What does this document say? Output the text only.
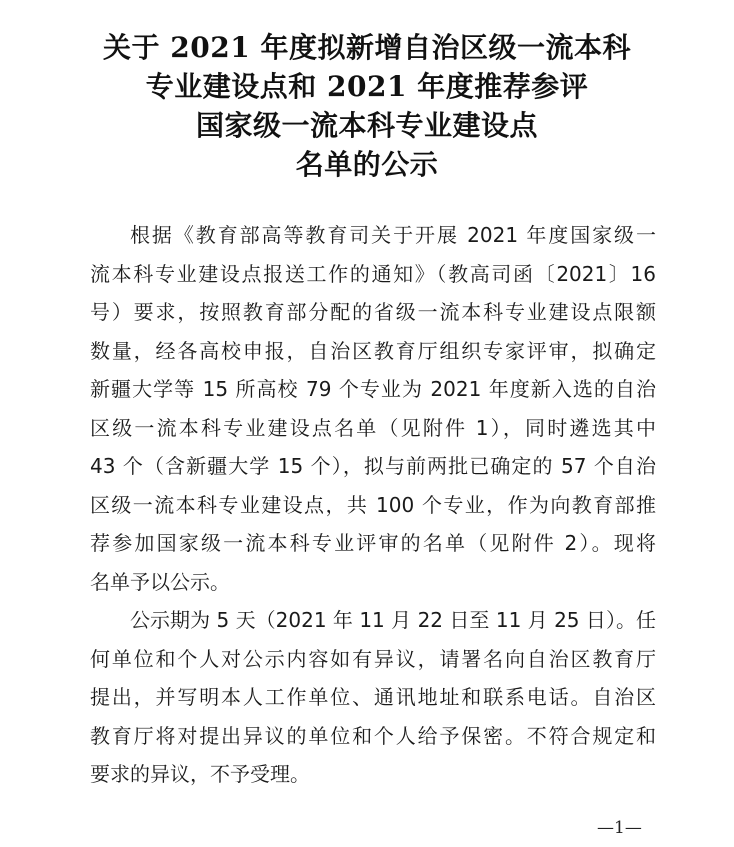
关于 2021 年度拟新增自治区级一流本科
专业建设点和 2021 年度推荐参评
国家级一流本科专业建设点
名单的公示
根据《教育部高等教育司关于开展 2021 年度国家级一
流本科专业建设点报送工作的通知》（教高司函〔2021〕16
号）要求，按照教育部分配的省级一流本科专业建设点限额
数量，经各高校申报，自治区教育厅组织专家评审，拟确定
新疆大学等 15 所高校 79 个专业为 2021 年度新入选的自治
区级一流本科专业建设点名单（见附件 1），同时遴选其中
43 个（含新疆大学 15 个），拟与前两批已确定的 57 个自治
区级一流本科专业建设点，共 100 个专业，作为向教育部推
荐参加国家级一流本科专业评审的名单（见附件 2）。现将
名单予以公示。
公示期为 5 天（2021 年 11 月 22 日至 11 月 25 日）。任
何单位和个人对公示内容如有异议，请署名向自治区教育厅
提出，并写明本人工作单位、通讯地址和联系电话。自治区
教育厅将对提出异议的单位和个人给予保密。不符合规定和
要求的异议，不予受理。
—1—
